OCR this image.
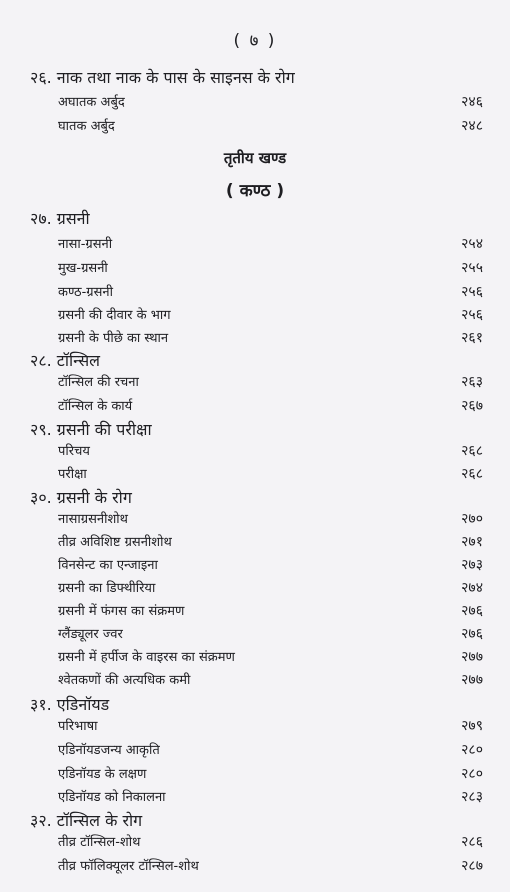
( ७ )
२६. नाक तथा नाक के पास के साइनस के रोग
अघातक अर्बुद	२४६
घातक अर्बुद	२४८
तृतीय खण्ड
( कण्ठ )
२७. ग्रसनी
नासा-ग्रसनी	२५४
मुख-ग्रसनी	२५५
कण्ठ-ग्रसनी	२५६
ग्रसनी की दीवार के भाग	२५६
ग्रसनी के पीछे का स्थान	२६१
२८. टॉन्सिल
टॉन्सिल की रचना	२६३
टॉन्सिल के कार्य	२६७
२९. ग्रसनी की परीक्षा
परिचय	२६८
परीक्षा	२६८
३०. ग्रसनी के रोग
नासाग्रसनीशोथ	२७०
तीव्र अविशिष्ट ग्रसनीशोथ	२७१
विनसेन्ट का एन्जाइना	२७३
ग्रसनी का डिफ्थीरिया	२७४
ग्रसनी में फंगस का संक्रमण	२७६
ग्लैंड्यूलर ज्वर	२७६
ग्रसनी में हर्पीज के वाइरस का संक्रमण	२७७
श्वेतकणों की अत्यधिक कमी	२७७
३१. एडिनॉयड
परिभाषा	२७९
एडिनॉयडजन्य आकृति	२८०
एडिनॉयड के लक्षण	२८०
एडिनॉयड को निकालना	२८३
३२. टॉन्सिल के रोग
तीव्र टॉन्सिल-शोथ	२८६
तीव्र फॉलिक्यूलर टॉन्सिल-शोथ	२८७
